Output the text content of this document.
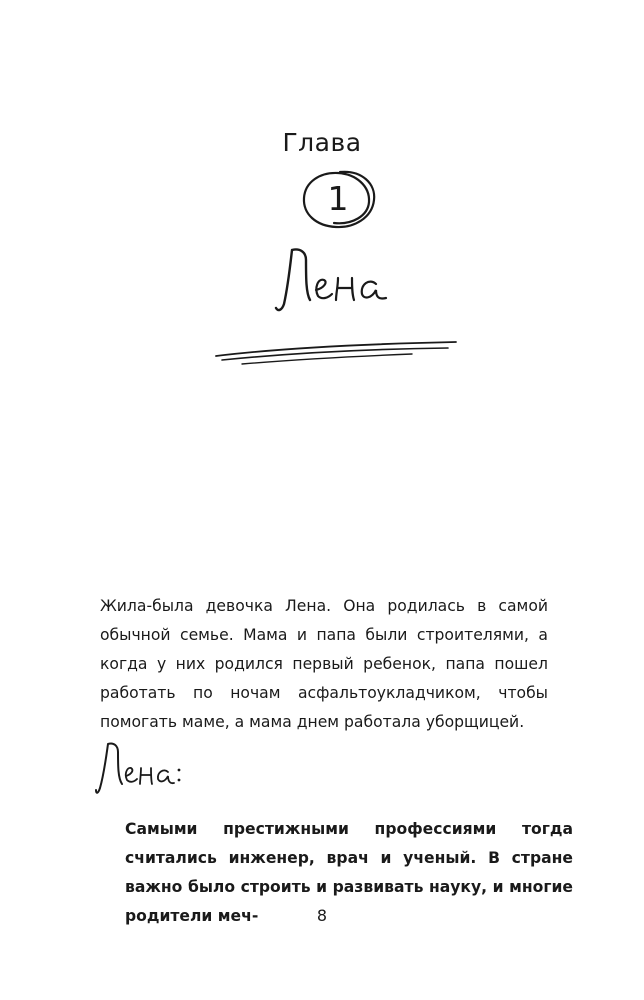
Глава
1

Жила-была девочка Лена. Она родилась в самой обычной семье. Мама и папа были строителями, а когда у них родился первый ребенок, папа пошел работать по ночам асфальтоукладчиком, чтобы помогать маме, а мама днем работала уборщицей.

Самыми престижными профессиями тогда считались инженер, врач и ученый. В стране важно было строить и развивать науку, и многие родители меч-	8
